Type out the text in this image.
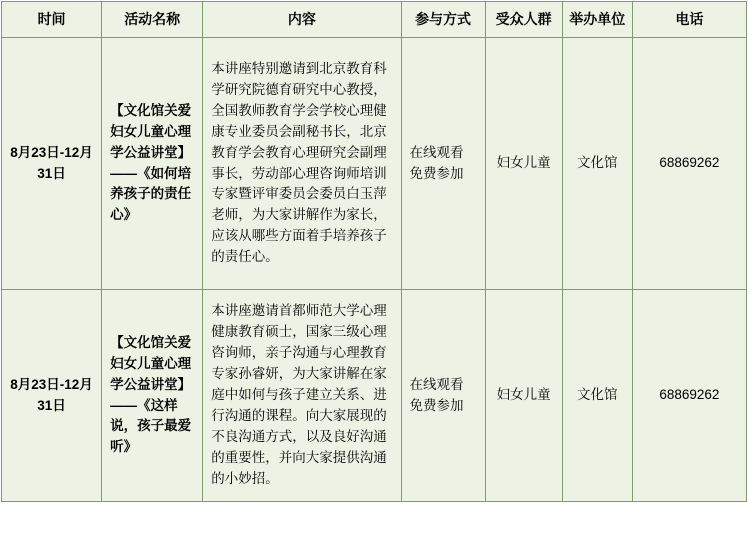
时间	活动名称	内容	参与方式	受众人群	举办单位	电话
8月23日-12月31日	【文化馆关爱妇女儿童心理学公益讲堂】——《如何培养孩子的责任心》	本讲座特别邀请到北京教育科学研究院德育研究中心教授，全国教师教育学会学校心理健康专业委员会副秘书长，北京教育学会教育心理研究会副理事长，劳动部心理咨询师培训专家暨评审委员会委员白玉萍老师，为大家讲解作为家长，应该从哪些方面着手培养孩子的责任心。	在线观看免费参加	妇女儿童	文化馆	68869262
8月23日-12月31日	【文化馆关爱妇女儿童心理学公益讲堂】——《这样说，孩子最爱听》	本讲座邀请首都师范大学心理健康教育硕士，国家三级心理咨询师，亲子沟通与心理教育专家孙睿妍，为大家讲解在家庭中如何与孩子建立关系、进行沟通的课程。向大家展现的不良沟通方式，以及良好沟通的重要性，并向大家提供沟通的小妙招。	在线观看免费参加	妇女儿童	文化馆	68869262
